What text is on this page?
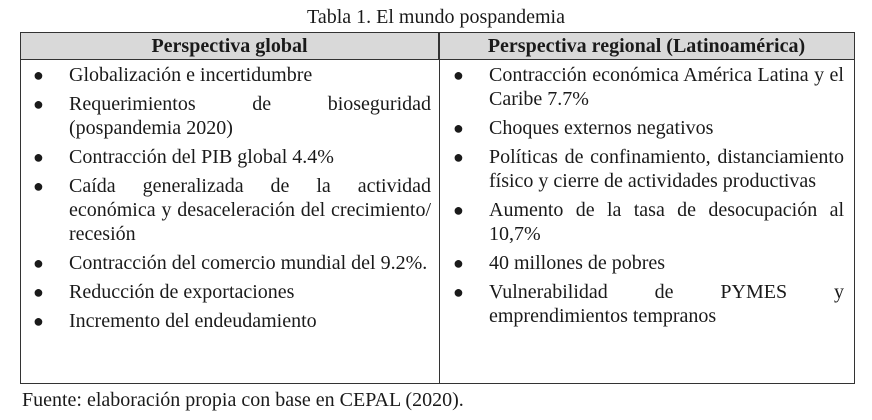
Tabla 1. El mundo pospandemia
Perspectiva global	Perspectiva regional (Latinoamérica)
● Globalización e incertidumbre
● Requerimientos de bioseguridad (pospandemia 2020)
● Contracción del PIB global 4.4%
● Caída generalizada de la actividad económica y desaceleración del crecimiento/ recesión
● Contracción del comercio mundial del 9.2%.
● Reducción de exportaciones
● Incremento del endeudamiento
● Contracción económica América Latina y el Caribe 7.7%
● Choques externos negativos
● Políticas de confinamiento, distanciamiento físico y cierre de actividades productivas
● Aumento de la tasa de desocupación al 10,7%
● 40 millones de pobres
● Vulnerabilidad de PYMES y emprendimientos tempranos
Fuente: elaboración propia con base en CEPAL (2020).
